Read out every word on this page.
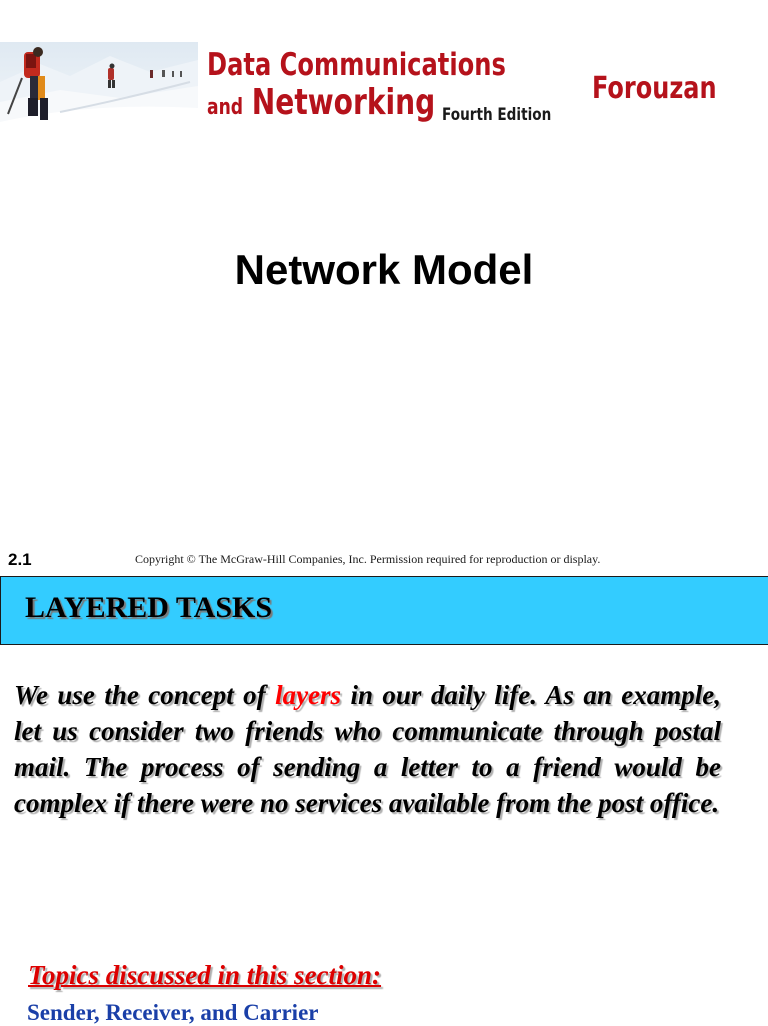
Data Communications
and Networking Fourth Edition
Forouzan
Network Model
2.1	Copyright © The McGraw-Hill Companies, Inc. Permission required for reproduction or display.
LAYERED TASKS

We use the concept of layers in our daily life. As an example, let us consider two friends who communicate through postal mail. The process of sending a letter to a friend would be complex if there were no services available from the post office.

Topics discussed in this section:

Sender, Receiver, and Carrier
